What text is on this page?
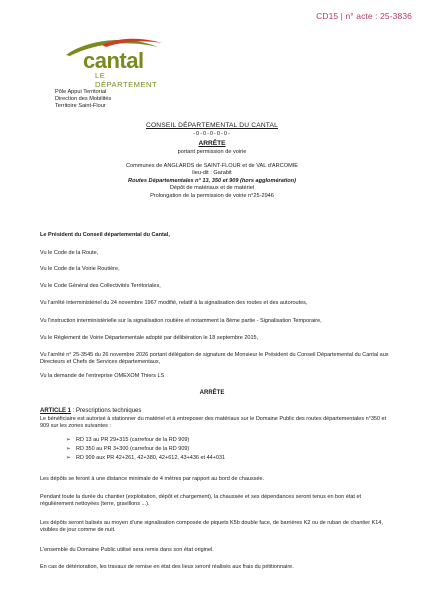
CD15 | n° acte : 25-3836
cantal
LE DÉPARTEMENT
Pôle Appui Territorial
Direction des Mobilités
Territoire Saint-Flour
CONSEIL DÉPARTEMENTAL DU CANTAL
-0-0-0-0-0-
ARRÊTE
portant permission de voirie
Communes de ANGLARDS de SAINT-FLOUR et de VAL d'ARCOMIE
lieu-dit : Garabit
Routes Départementales n° 13, 350 et 909 (hors agglomération)
Dépôt de matériaux et de matériel
Prolongation de la permission de voirie n°25-2946
Le Président du Conseil départemental du Cantal,
Vu le Code de la Route,
Vu le Code de la Voirie Routière,
Vu le Code Général des Collectivités Territoriales,
Vu l'arrêté interministériel du 24 novembre 1967 modifié, relatif à la signalisation des routes et des autoroutes,
Vu l'instruction interministérielle sur la signalisation routière et notamment la 8ème partie - Signalisation Temporaire,
Vu le Règlement de Voirie Départementale adopté par délibération le 18 septembre 2015,
Vu l'arrêté n° 25-3545 du 26 novembre 2026 portant délégation de signature de Monsieur le Président du Conseil Départemental du Cantal aux Directeurs et Chefs de Services départementaux,
Vu la demande de l'entreprise OMEXOM Thiers LS
ARRÊTE
ARTICLE 1 : Prescriptions techniques
Le bénéficiaire est autorisé à stationner du matériel et à entreposer des matériaux sur le Domaine Public des routes départementales n°350 et 909 sur les zones suivantes :
➢ RD 13 au PR 29+315 (carrefour de la RD 909)
➢ RD 350 au PR 3+300 (carrefour de la RD 909)
➢ RD 909 aux PR 42+261, 42+380, 42+612, 43+436 et 44+031
Les dépôts se feront à une distance minimale de 4 mètres par rapport au bord de chaussée.
Pendant toute la durée du chantier (exploitation, dépôt et chargement), la chaussée et ses dépendances seront tenus en bon état et régulièrement nettoyées (terre, gravillons ...).
Les dépôts seront balisés au moyen d'une signalisation composée de piquets K5b double face, de barrières K2 ou de ruban de chantier K14, visibles de jour comme de nuit.
L'ensemble du Domaine Public utilisé sera remis dans son état originel.
En cas de détérioration, les travaux de remise en état des lieux seront réalisés aux frais du pétitionnaire.
